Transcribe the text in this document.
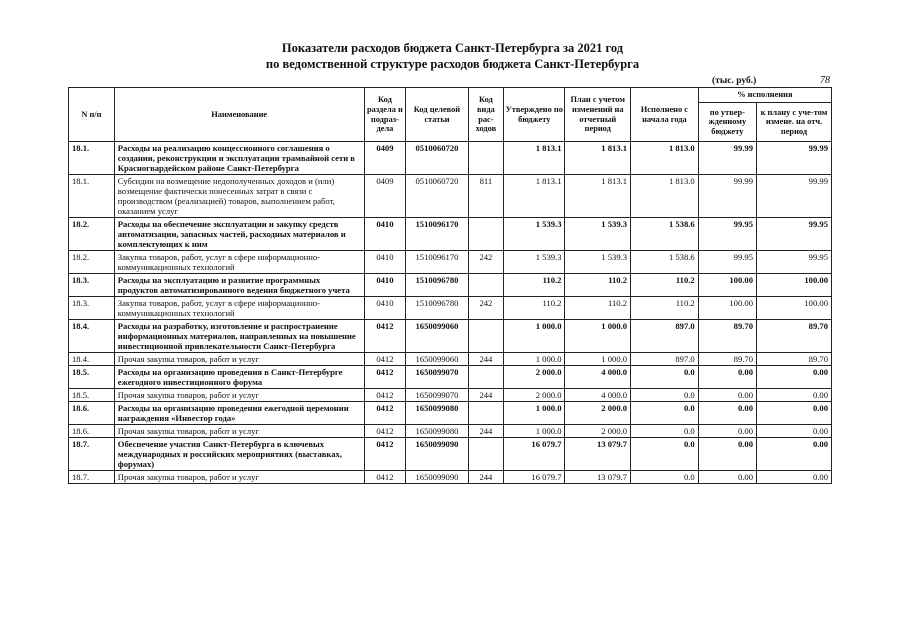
Показатели расходов бюджета Санкт-Петербурга за 2021 год
по ведомственной структуре расходов бюджета Санкт-Петербурга
(тыс. руб.)	78
N п/п	Наименование	Код раздела и подраз-дела	Код целевой статьи	Код вида рас-ходов	Утверждено по бюджету	План с учетом изменений на отчетный период	Исполнено с начала года	% исполнения	
								по утвер-жденному бюджету	к плану с уче-том измене. на отч. период
18.1.	Расходы на реализацию концессионного соглашения о создании, реконструкции и эксплуатации трамвайной сети в Красногвардейском районе Санкт-Петербурга	0409	0510060720		1 813.1	1 813.1	1 813.0	99.99	99.99
18.1.	Субсидии на возмещение недополученных доходов и (или) возмещение фактически понесенных затрат в связи с производством (реализацией) товаров, выполнением работ, оказанием услуг	0409	0510060720	811	1 813.1	1 813.1	1 813.0	99.99	99.99
18.2.	Расходы на обеспечение эксплуатации и закупку средств автоматизации, запасных частей, расходных материалов и комплектующих к ним	0410	1510096170		1 539.3	1 539.3	1 538.6	99.95	99.95
18.2.	Закупка товаров, работ, услуг в сфере информационно-коммуникационных технологий	0410	1510096170	242	1 539.3	1 539.3	1 538.6	99.95	99.95
18.3.	Расходы на эксплуатацию и развитие программных продуктов автоматизированного ведения бюджетного учета	0410	1510096780		110.2	110.2	110.2	100.00	100.00
18.3.	Закупка товаров, работ, услуг в сфере информационно-коммуникационных технологий	0410	1510096780	242	110.2	110.2	110.2	100.00	100.00
18.4.	Расходы на разработку, изготовление и распространение информационных материалов, направленных на повышение инвестиционной привлекательности Санкт-Петербурга	0412	1650099060		1 000.0	1 000.0	897.0	89.70	89.70
18.4.	Прочая закупка товаров, работ и услуг	0412	1650099060	244	1 000.0	1 000.0	897.0	89.70	89.70
18.5.	Расходы на организацию проведения в Санкт-Петербурге ежегодного инвестиционного форума	0412	1650099070		2 000.0	4 000.0	0.0	0.00	0.00
18.5.	Прочая закупка товаров, работ и услуг	0412	1650099070	244	2 000.0	4 000.0	0.0	0.00	0.00
18.6.	Расходы на организацию проведения ежегодной церемонии награждения «Инвестор года»	0412	1650099080		1 000.0	2 000.0	0.0	0.00	0.00
18.6.	Прочая закупка товаров, работ и услуг	0412	1650099080	244	1 000.0	2 000.0	0.0	0.00	0.00
18.7.	Обеспечение участия Санкт-Петербурга в ключевых международных и российских мероприятиях (выставках, форумах)	0412	1650099090		16 079.7	13 079.7	0.0	0.00	0.00
18.7.	Прочая закупка товаров, работ и услуг	0412	1650099090	244	16 079.7	13 079.7	0.0	0.00	0.00
